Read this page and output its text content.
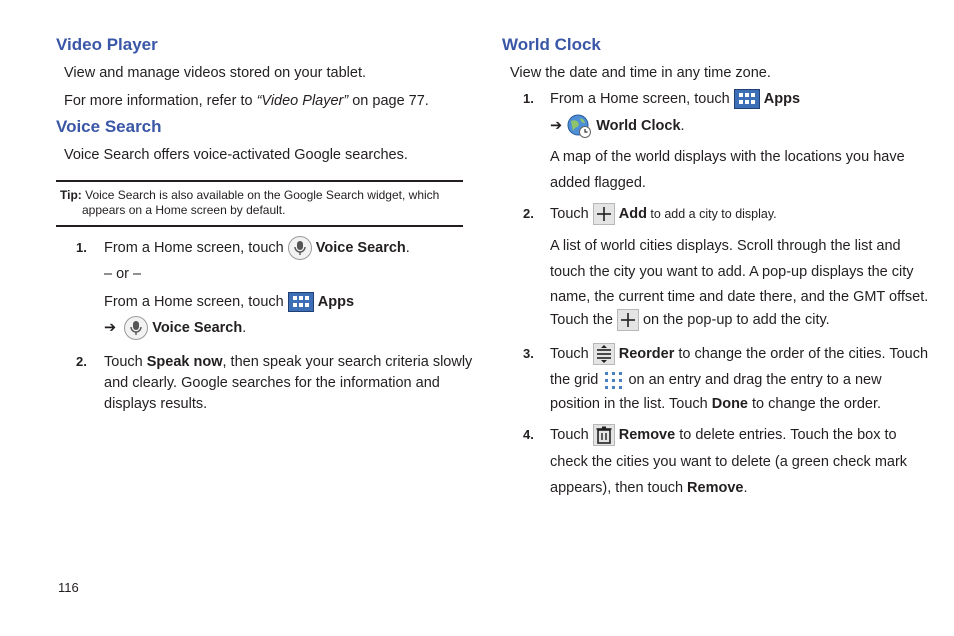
Video Player
View and manage videos stored on your tablet.
For more information, refer to “Video Player” on page 77.
Voice Search
Voice Search offers voice-activated Google searches.
Tip: Voice Search is also available on the Google Search widget, which
appears on a Home screen by default.
1. From a Home screen, touch  Voice Search.
– or –
From a Home screen, touch  Apps
➔ Voice Search.
2. Touch Speak now, then speak your search criteria slowly
and clearly. Google searches for the information and
displays results.
World Clock
View the date and time in any time zone.
1. From a Home screen, touch  Apps
➔ World Clock.
A map of the world displays with the locations you have
added flagged.
2. Touch  Add to add a city to display.
A list of world cities displays. Scroll through the list and
touch the city you want to add. A pop-up displays the city
name, the current time and date there, and the GMT offset.
Touch the  on the pop-up to add the city.
3. Touch  Reorder to change the order of the cities. Touch
the grid  on an entry and drag the entry to a new
position in the list. Touch Done to change the order.
4. Touch  Remove to delete entries. Touch the box to
check the cities you want to delete (a green check mark
appears), then touch Remove.
116
